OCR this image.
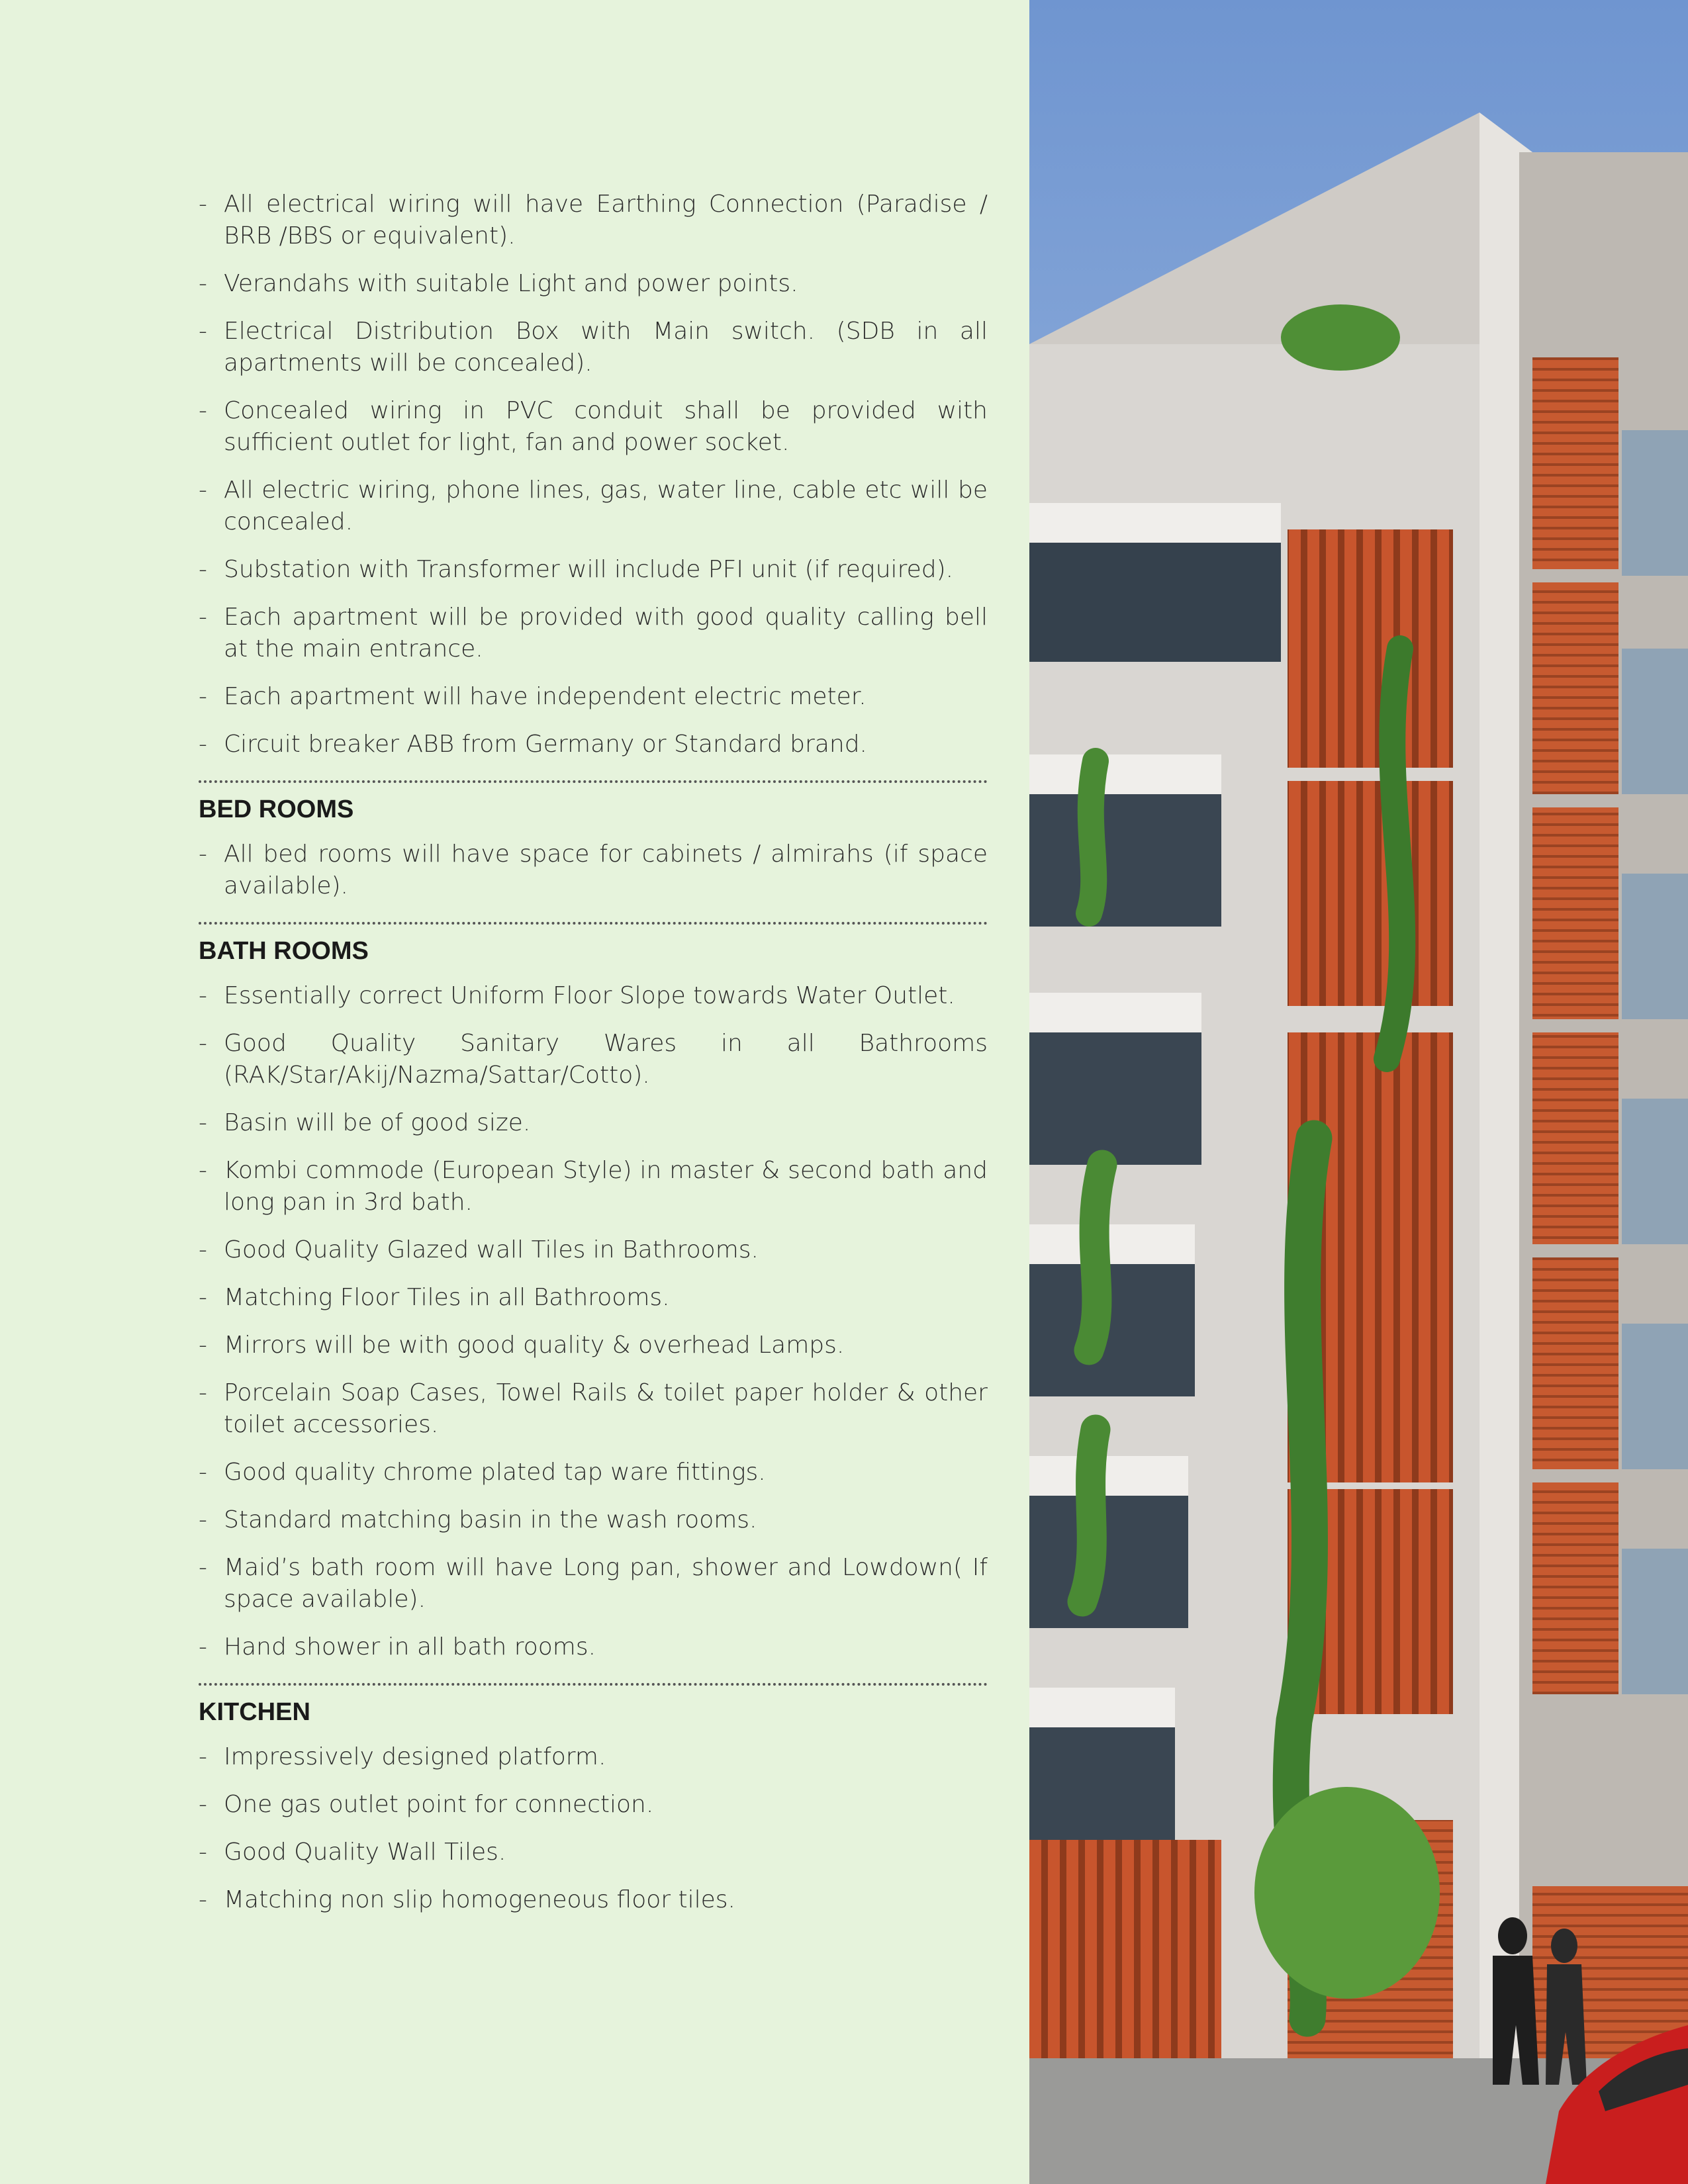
- All electrical wiring will have Earthing Connection (Paradise / BRB /BBS or equivalent).

- Verandahs with suitable Light and power points.

- Electrical Distribution Box with Main switch. (SDB in all apartments will be concealed).

- Concealed wiring in PVC conduit shall be provided with sufficient outlet for light, fan and power socket.

- All electric wiring, phone lines, gas, water line, cable etc will be concealed.

- Substation with Transformer will include PFI unit (if required).

- Each apartment will be provided with good quality calling bell at the main entrance.

- Each apartment will have independent electric meter.

- Circuit breaker ABB from Germany or Standard brand.

BED ROOMS

- All bed rooms will have space for cabinets / almirahs (if space available).

BATH ROOMS

- Essentially correct Uniform Floor Slope towards Water Outlet.

- Good Quality Sanitary Wares in all Bathrooms (RAK/Star/Akij/Nazma/Sattar/Cotto).

- Basin will be of good size.

- Kombi commode (European Style) in master & second bath and long pan in 3rd bath.

- Good Quality Glazed wall Tiles in Bathrooms.

- Matching Floor Tiles in all Bathrooms.

- Mirrors will be with good quality & overhead Lamps.

- Porcelain Soap Cases, Towel Rails & toilet paper holder & other toilet accessories.

- Good quality chrome plated tap ware fittings.

- Standard matching basin in the wash rooms.

- Maid’s bath room will have Long pan, shower and Lowdown( If space available).

- Hand shower in all bath rooms.

KITCHEN

- Impressively designed platform.

- One gas outlet point for connection.

- Good Quality Wall Tiles.

- Matching non slip homogeneous floor tiles.
